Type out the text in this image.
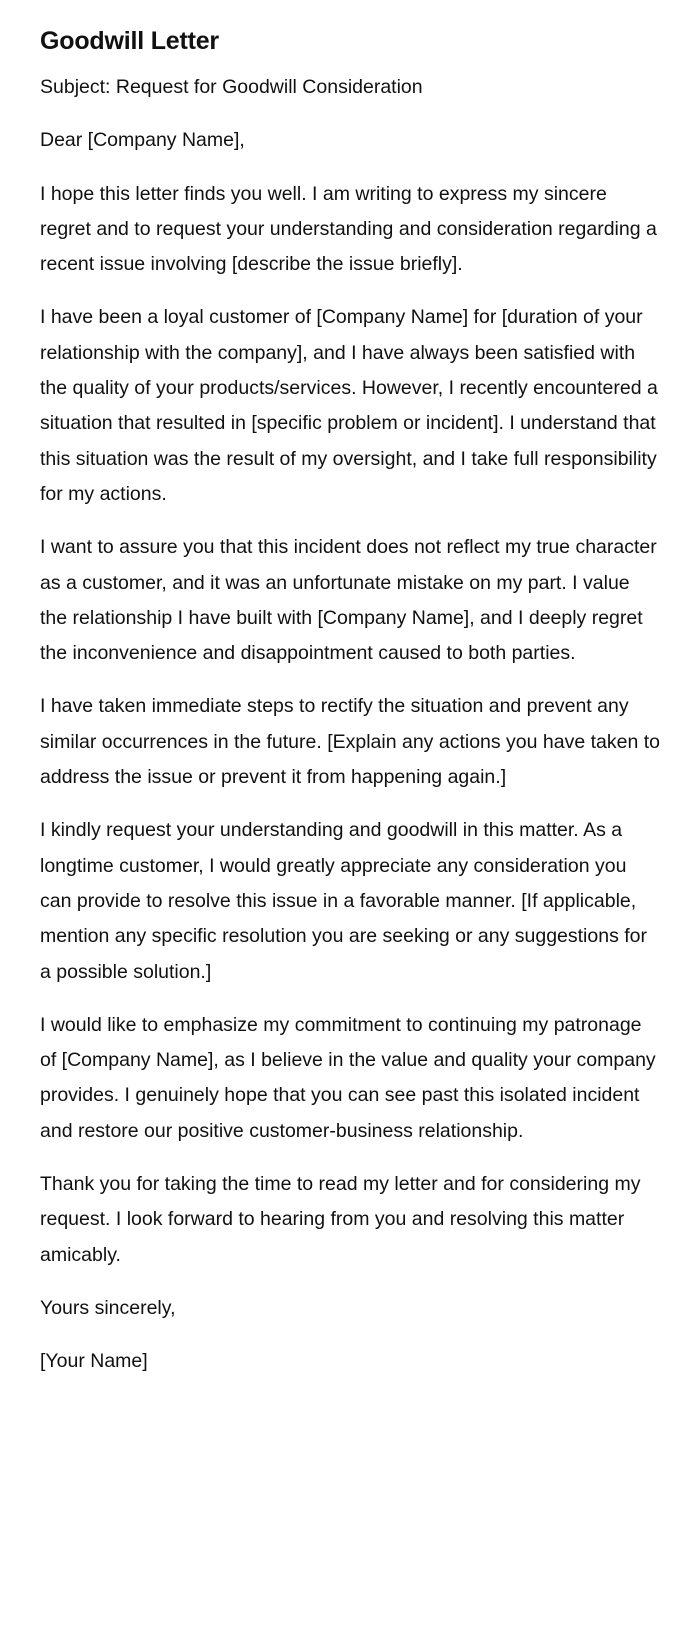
Goodwill Letter

Subject: Request for Goodwill Consideration

Dear [Company Name],

I hope this letter finds you well. I am writing to express my sincere regret and to request your understanding and consideration regarding a recent issue involving [describe the issue briefly].

I have been a loyal customer of [Company Name] for [duration of your relationship with the company], and I have always been satisfied with the quality of your products/services. However, I recently encountered a situation that resulted in [specific problem or incident]. I understand that this situation was the result of my oversight, and I take full responsibility for my actions.

I want to assure you that this incident does not reflect my true character as a customer, and it was an unfortunate mistake on my part. I value the relationship I have built with [Company Name], and I deeply regret the inconvenience and disappointment caused to both parties.

I have taken immediate steps to rectify the situation and prevent any similar occurrences in the future. [Explain any actions you have taken to address the issue or prevent it from happening again.]

I kindly request your understanding and goodwill in this matter. As a longtime customer, I would greatly appreciate any consideration you can provide to resolve this issue in a favorable manner. [If applicable, mention any specific resolution you are seeking or any suggestions for a possible solution.]

I would like to emphasize my commitment to continuing my patronage of [Company Name], as I believe in the value and quality your company provides. I genuinely hope that you can see past this isolated incident and restore our positive customer-business relationship.

Thank you for taking the time to read my letter and for considering my request. I look forward to hearing from you and resolving this matter amicably.

Yours sincerely,

[Your Name]
